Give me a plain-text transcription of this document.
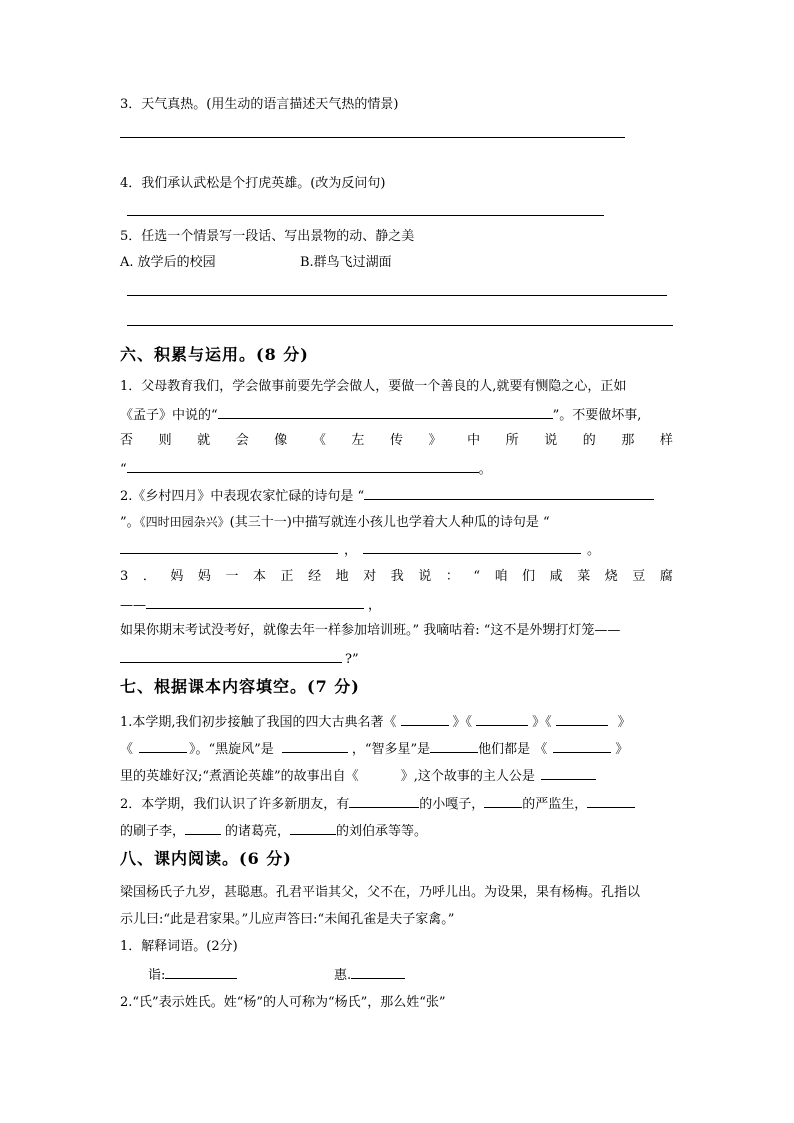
3．天气真热。(用生动的语言描述天气热的情景)
4．我们承认武松是个打虎英雄。(改为反问句)
5．任选一个情景写一段话、写出景物的动、静之美
A. 放学后的校园	B.群鸟飞过湖面
六、积累与运用。(8 分)
1．父母教育我们，学会做事前要先学会做人，要做一个善良的人,就要有恻隐之心，正如
《孟子》中说的“	”。不要做坏事,
否 则 就 会 像 《 左 传 》 中 所 说 的 那 样
“	。
2.《乡村四月》中表现农家忙碌的诗句是 “
”。《四时田园杂兴》(其三十一)中描写就连小孩儿也学着大人种瓜的诗句是 “
，	。
3 ． 妈 妈 一 本 正 经 地 对 我 说 ： “ 咱 们 咸 菜 烧 豆 腐
——	，
如果你期末考试没考好，就像去年一样参加培训班。” 我嘀咕着: “这不是外甥打灯笼——
?”
七、根据课本内容填空。(7 分)
1.本学期,我们初步接触了我国的四大古典名著《	》《	》《	》
《	》。“黑旋风”是	，“智多星”是	他们都是 《	》
里的英雄好汉;“煮酒论英雄”的故事出自《	》,这个故事的主人公是
2．本学期，我们认识了许多新朋友，有	的小嘎子，	的严监生，
的刷子李，	的诸葛亮，	的刘伯承等等。
八、课内阅读。(6 分)
梁国杨氏子九岁，甚聪惠。孔君平诣其父，父不在，乃呼儿出。为设果，果有杨梅。孔指以
示儿曰:“此是君家果。”儿应声答曰:“未闻孔雀是夫子家禽。”
1．解释词语。(2分)
诣:	惠.
2.“氏”表示姓氏。姓“杨”的人可称为“杨氏”，那么姓“张”
